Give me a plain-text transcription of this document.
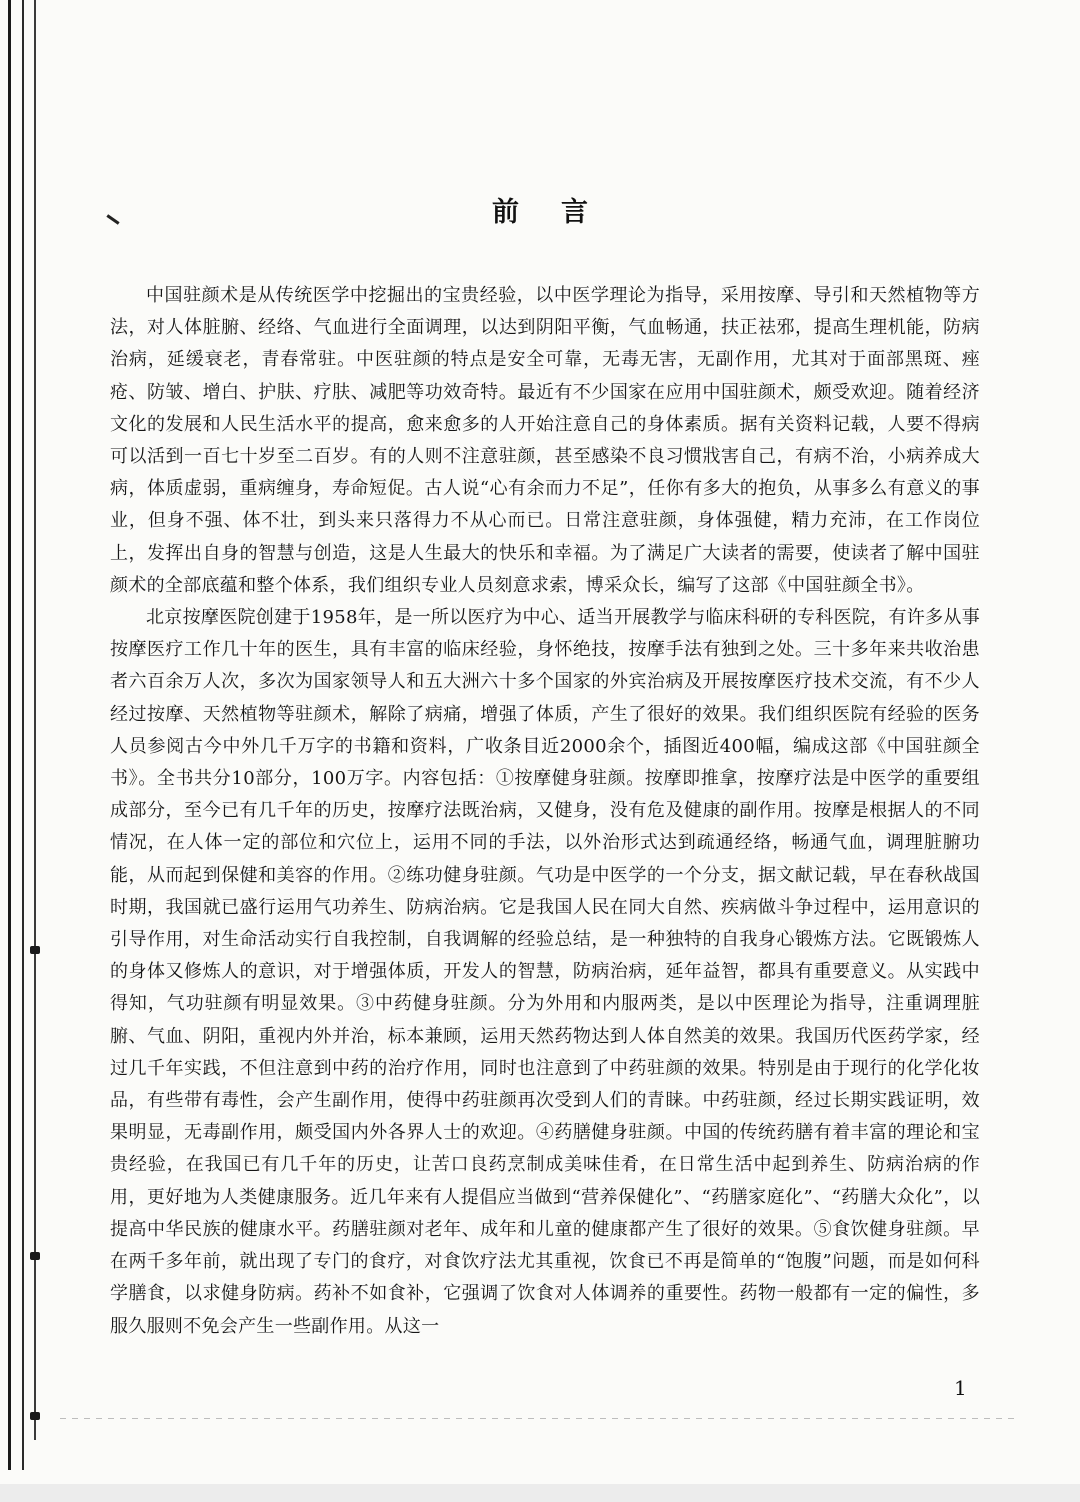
前言

中国驻颜术是从传统医学中挖掘出的宝贵经验，以中医学理论为指导，采用按摩、导引和天然植物等方法，对人体脏腑、经络、气血进行全面调理，以达到阴阳平衡，气血畅通，扶正祛邪，提高生理机能，防病治病，延缓衰老，青春常驻。中医驻颜的特点是安全可靠，无毒无害，无副作用，尤其对于面部黑斑、痤疮、防皱、增白、护肤、疗肤、减肥等功效奇特。最近有不少国家在应用中国驻颜术，颇受欢迎。随着经济文化的发展和人民生活水平的提高，愈来愈多的人开始注意自己的身体素质。据有关资料记载，人要不得病可以活到一百七十岁至二百岁。有的人则不注意驻颜，甚至感染不良习惯戕害自己，有病不治，小病养成大病，体质虚弱，重病缠身，寿命短促。古人说“心有余而力不足”，任你有多大的抱负，从事多么有意义的事业，但身不强、体不壮，到头来只落得力不从心而已。日常注意驻颜，身体强健，精力充沛，在工作岗位上，发挥出自身的智慧与创造，这是人生最大的快乐和幸福。为了满足广大读者的需要，使读者了解中国驻颜术的全部底蕴和整个体系，我们组织专业人员刻意求索，博采众长，编写了这部《中国驻颜全书》。

北京按摩医院创建于1958年，是一所以医疗为中心、适当开展教学与临床科研的专科医院，有许多从事按摩医疗工作几十年的医生，具有丰富的临床经验，身怀绝技，按摩手法有独到之处。三十多年来共收治患者六百余万人次，多次为国家领导人和五大洲六十多个国家的外宾治病及开展按摩医疗技术交流，有不少人经过按摩、天然植物等驻颜术，解除了病痛，增强了体质，产生了很好的效果。我们组织医院有经验的医务人员参阅古今中外几千万字的书籍和资料，广收条目近2000余个，插图近400幅，编成这部《中国驻颜全书》。全书共分10部分，100万字。内容包括：①按摩健身驻颜。按摩即推拿，按摩疗法是中医学的重要组成部分，至今已有几千年的历史，按摩疗法既治病，又健身，没有危及健康的副作用。按摩是根据人的不同情况，在人体一定的部位和穴位上，运用不同的手法，以外治形式达到疏通经络，畅通气血，调理脏腑功能，从而起到保健和美容的作用。②练功健身驻颜。气功是中医学的一个分支，据文献记载，早在春秋战国时期，我国就已盛行运用气功养生、防病治病。它是我国人民在同大自然、疾病做斗争过程中，运用意识的引导作用，对生命活动实行自我控制，自我调解的经验总结，是一种独特的自我身心锻炼方法。它既锻炼人的身体又修炼人的意识，对于增强体质，开发人的智慧，防病治病，延年益智，都具有重要意义。从实践中得知，气功驻颜有明显效果。③中药健身驻颜。分为外用和内服两类，是以中医理论为指导，注重调理脏腑、气血、阴阳，重视内外并治，标本兼顾，运用天然药物达到人体自然美的效果。我国历代医药学家，经过几千年实践，不但注意到中药的治疗作用，同时也注意到了中药驻颜的效果。特别是由于现行的化学化妆品，有些带有毒性，会产生副作用，使得中药驻颜再次受到人们的青睐。中药驻颜，经过长期实践证明，效果明显，无毒副作用，颇受国内外各界人士的欢迎。④药膳健身驻颜。中国的传统药膳有着丰富的理论和宝贵经验，在我国已有几千年的历史，让苦口良药烹制成美味佳肴，在日常生活中起到养生、防病治病的作用，更好地为人类健康服务。近几年来有人提倡应当做到“营养保健化”、“药膳家庭化”、“药膳大众化”，以提高中华民族的健康水平。药膳驻颜对老年、成年和儿童的健康都产生了很好的效果。⑤食饮健身驻颜。早在两千多年前，就出现了专门的食疗，对食饮疗法尤其重视，饮食已不再是简单的“饱腹”问题，而是如何科学膳食，以求健身防病。药补不如食补，它强调了饮食对人体调养的重要性。药物一般都有一定的偏性，多服久服则不免会产生一些副作用。从这一

1
